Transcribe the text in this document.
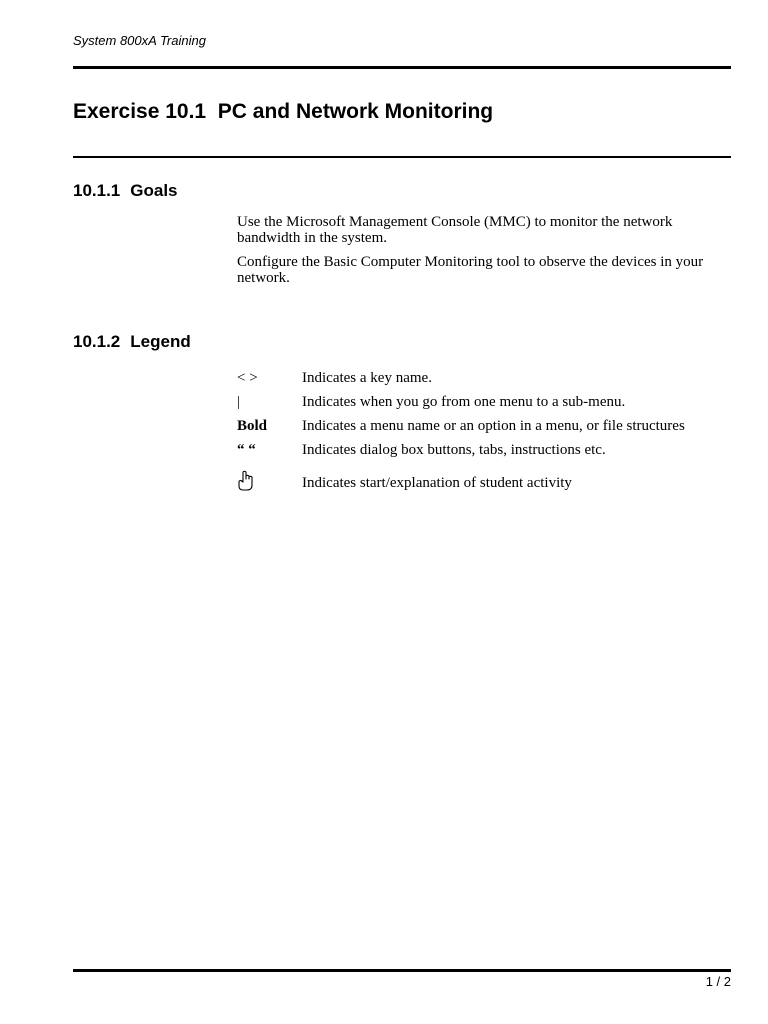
System 800xA Training
Exercise 10.1 PC and Network Monitoring
10.1.1 Goals

Use the Microsoft Management Console (MMC) to monitor the network bandwidth in the system.

Configure the Basic Computer Monitoring tool to observe the devices in your network.

10.1.2 Legend
< >	Indicates a key name.
|	Indicates when you go from one menu to a sub-menu.
Bold	Indicates a menu name or an option in a menu, or file structures
“ “	Indicates dialog box buttons, tabs, instructions etc.
Indicates start/explanation of student activity
1 / 2
